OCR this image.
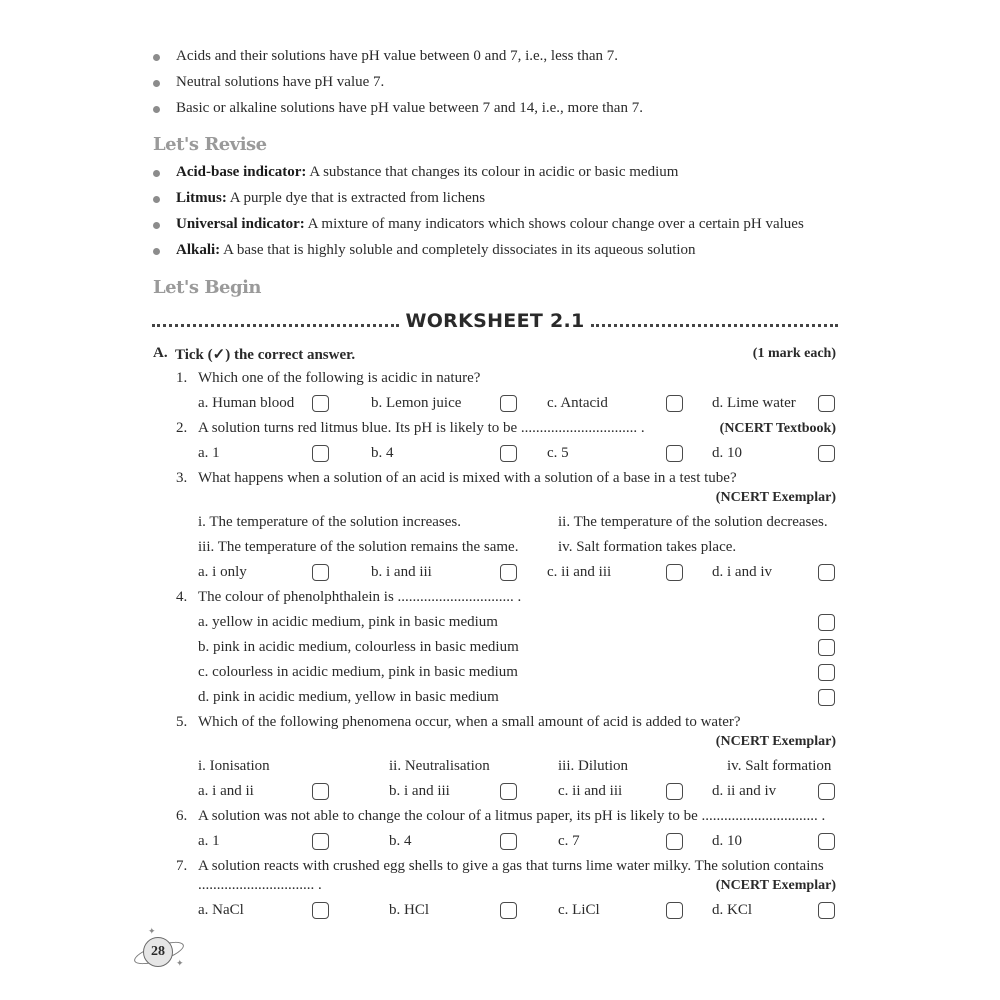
Acids and their solutions have pH value between 0 and 7, i.e., less than 7.
Neutral solutions have pH value 7.
Basic or alkaline solutions have pH value between 7 and 14, i.e., more than 7.
Let's Revise
Acid-base indicator: A substance that changes its colour in acidic or basic medium
Litmus: A purple dye that is extracted from lichens
Universal indicator: A mixture of many indicators which shows colour change over a certain pH values
Alkali: A base that is highly soluble and completely dissociates in its aqueous solution
Let's Begin
WORKSHEET 2.1
A. Tick (✓) the correct answer.	(1 mark each)
1. Which one of the following is acidic in nature?
a. Human blood	b. Lemon juice	c. Antacid	d. Lime water
2. A solution turns red litmus blue. Its pH is likely to be ............................... .	(NCERT Textbook)
a. 1	b. 4	c. 5	d. 10
3. What happens when a solution of an acid is mixed with a solution of a base in a test tube?
(NCERT Exemplar)
i. The temperature of the solution increases.	ii. The temperature of the solution decreases.
iii. The temperature of the solution remains the same.	iv. Salt formation takes place.
a. i only	b. i and iii	c. ii and iii	d. i and iv
4. The colour of phenolphthalein is ............................... .
a. yellow in acidic medium, pink in basic medium
b. pink in acidic medium, colourless in basic medium
c. colourless in acidic medium, pink in basic medium
d. pink in acidic medium, yellow in basic medium
5. Which of the following phenomena occur, when a small amount of acid is added to water?
(NCERT Exemplar)
i. Ionisation	ii. Neutralisation	iii. Dilution	iv. Salt formation
a. i and ii	b. i and iii	c. ii and iii	d. ii and iv
6. A solution was not able to change the colour of a litmus paper, its pH is likely to be ............................... .
a. 1	b. 4	c. 7	d. 10
7. A solution reacts with crushed egg shells to give a gas that turns lime water milky. The solution contains
............................... .	(NCERT Exemplar)
a. NaCl	b. HCl	c. LiCl	d. KCl
28
✦
✦
